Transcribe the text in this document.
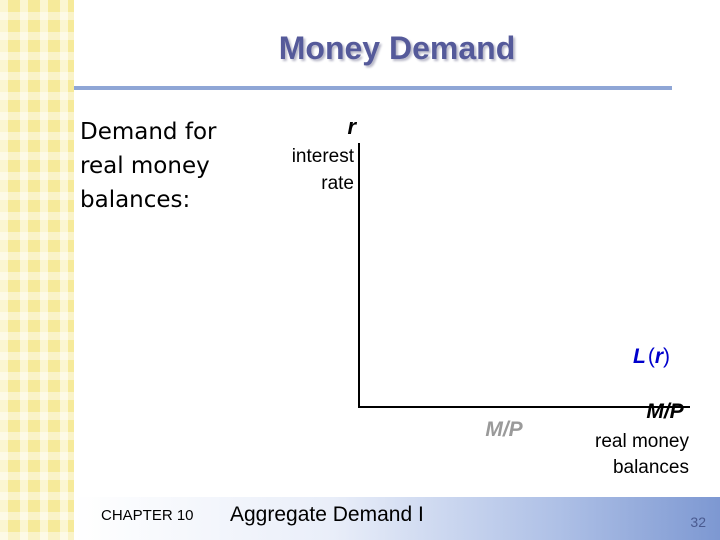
Money Demand
Demand for
real money
balances:
r
interest
rate
L(r)
M/P
M/P
real money
balances
CHAPTER 10 Aggregate Demand I	32
